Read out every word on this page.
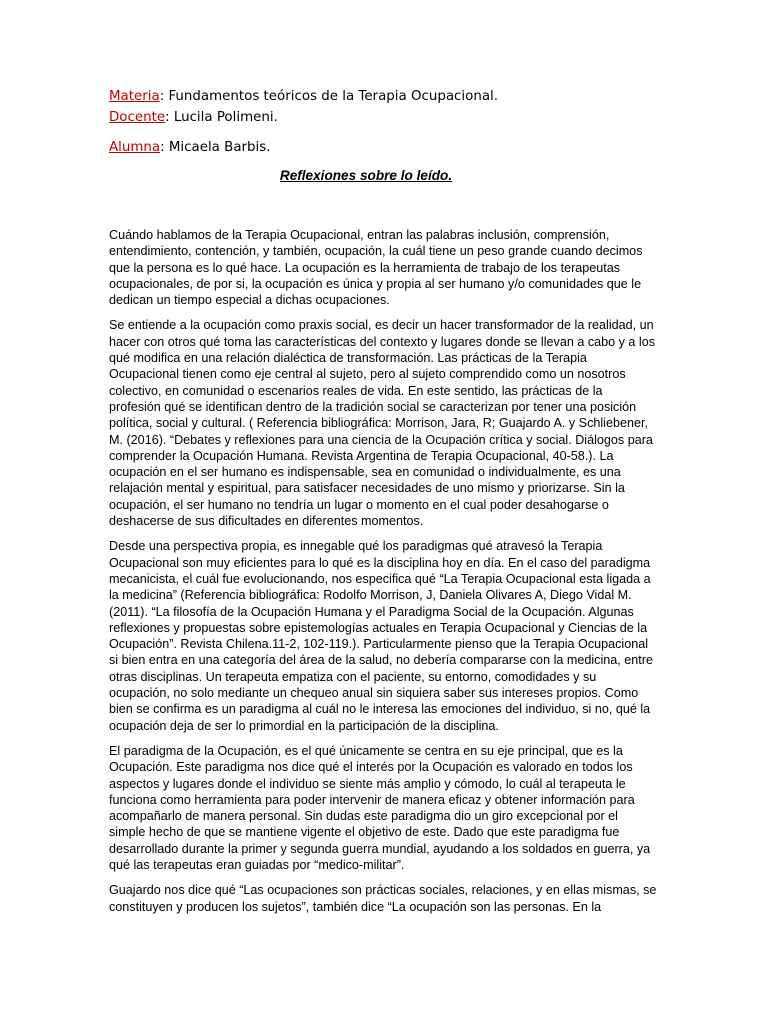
Materia: Fundamentos teóricos de la Terapia Ocupacional.
Docente: Lucila Polimeni.
Alumna: Micaela Barbis.
Reflexiones sobre lo leído.

Cuándo hablamos de la Terapia Ocupacional, entran las palabras inclusión, comprensión, entendimiento, contención, y también, ocupación, la cuál tiene un peso grande cuando decimos que la persona es lo qué hace. La ocupación es la herramienta de trabajo de los terapeutas ocupacionales, de por si, la ocupación es única y propia al ser humano y/o comunidades que le dedican un tiempo especial a dichas ocupaciones.

Se entiende a la ocupación como praxis social, es decir un hacer transformador de la realidad, un hacer con otros qué toma las características del contexto y lugares donde se llevan a cabo y a los qué modifica en una relación dialéctica de transformación. Las prácticas de la Terapia Ocupacional tienen como eje central al sujeto, pero al sujeto comprendido como un nosotros colectivo, en comunidad o escenarios reales de vida. En este sentido, las prácticas de la profesión qué se identifican dentro de la tradición social se caracterizan por tener una posición política, social y cultural. ( Referencia bibliográfica: Morrison, Jara, R; Guajardo A. y Schliebener, M. (2016). “Debates y reflexiones para una ciencia de la Ocupación crítica y social. Diálogos para comprender la Ocupación Humana. Revista Argentina de Terapia Ocupacional, 40-58.). La ocupación en el ser humano es indispensable, sea en comunidad o individualmente, es una relajación mental y espiritual, para satisfacer necesidades de uno mismo y priorizarse. Sin la ocupación, el ser humano no tendría un lugar o momento en el cual poder desahogarse o deshacerse de sus dificultades en diferentes momentos.

Desde una perspectiva propia, es innegable qué los paradigmas qué atravesó la Terapia Ocupacional son muy eficientes para lo qué es la disciplina hoy en día. En el caso del paradigma mecanicista, el cuál fue evolucionando, nos especifica qué “La Terapia Ocupacional esta ligada a la medicina” (Referencia bibliográfica: Rodolfo Morrison, J, Daniela Olivares A, Diego Vidal M. (2011). “La filosofía de la Ocupación Humana y el Paradigma Social de la Ocupación. Algunas reflexiones y propuestas sobre epistemologías actuales en Terapia Ocupacional y Ciencias de la Ocupación”. Revista Chilena.11-2, 102-119.). Particularmente pienso que la Terapia Ocupacional si bien entra en una categoría del área de la salud, no debería compararse con la medicina, entre otras disciplinas. Un terapeuta empatiza con el paciente, su entorno, comodidades y su ocupación, no solo mediante un chequeo anual sin siquiera saber sus intereses propios. Como bien se confirma es un paradigma al cuál no le interesa las emociones del individuo, si no, qué la ocupación deja de ser lo primordial en la participación de la disciplina.

El paradigma de la Ocupación, es el qué únicamente se centra en su eje principal, que es la Ocupación. Este paradigma nos dice qué el interés por la Ocupación es valorado en todos los aspectos y lugares donde el individuo se siente más amplio y cómodo, lo cuál al terapeuta le funciona como herramienta para poder intervenir de manera eficaz y obtener información para acompañarlo de manera personal. Sin dudas este paradigma dio un giro excepcional por el simple hecho de que se mantiene vigente el objetivo de este. Dado que este paradigma fue desarrollado durante la primer y segunda guerra mundial, ayudando a los soldados en guerra, ya qué las terapeutas eran guiadas por “medico-militar”.

Guajardo nos dice qué “Las ocupaciones son prácticas sociales, relaciones, y en ellas mismas, se constituyen y producen los sujetos”, también dice “La ocupación son las personas. En la
